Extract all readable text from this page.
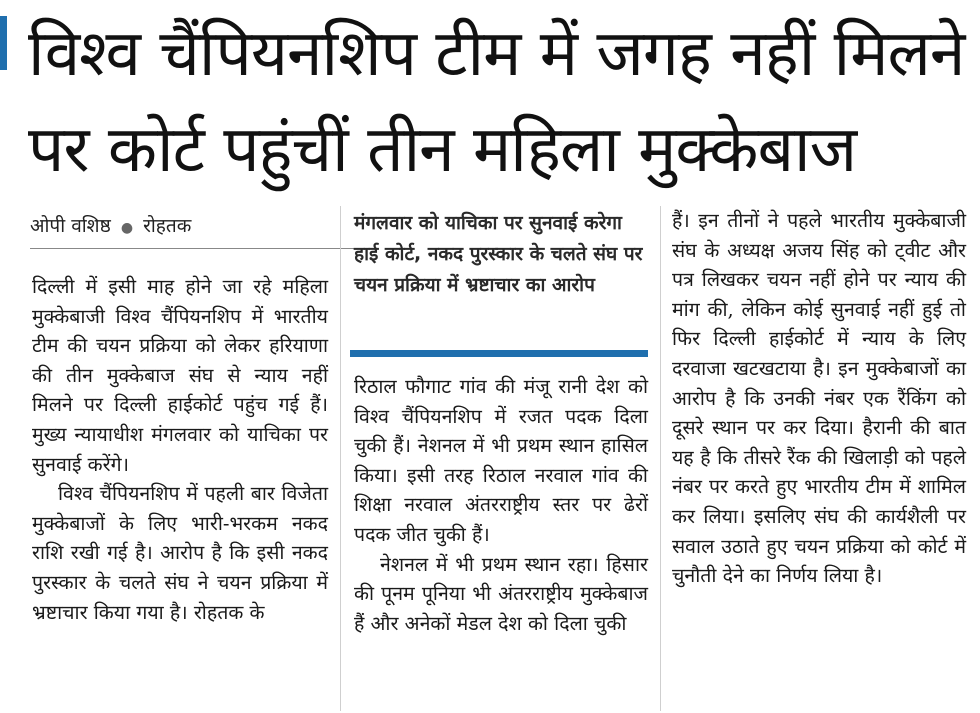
विश्व चैंपियनशिप टीम में जगह नहीं मिलने
पर कोर्ट पहुंचीं तीन महिला मुक्केबाज
ओपी वशिष्ठ ● रोहतक

दिल्ली में इसी माह होने जा रहे महिला मुक्केबाजी विश्व चैंपियनशिप में भारतीय टीम की चयन प्रक्रिया को लेकर हरियाणा की तीन मुक्केबाज संघ से न्याय नहीं मिलने पर दिल्ली हाईकोर्ट पहुंच गई हैं। मुख्य न्यायाधीश मंगलवार को याचिका पर सुनवाई करेंगे।

विश्व चैंपियनशिप में पहली बार विजेता मुक्केबाजों के लिए भारी-भरकम नकद राशि रखी गई है। आरोप है कि इसी नकद पुरस्कार के चलते संघ ने चयन प्रक्रिया में भ्रष्टाचार किया गया है। रोहतक के

मंगलवार को याचिका पर सुनवाई करेगा हाई कोर्ट, नकद पुरस्कार के चलते संघ पर चयन प्रक्रिया में भ्रष्टाचार का आरोप

रिठाल फौगाट गांव की मंजू रानी देश को विश्व चैंपियनशिप में रजत पदक दिला चुकी हैं। नेशनल में भी प्रथम स्थान हासिल किया। इसी तरह रिठाल नरवाल गांव की शिक्षा नरवाल अंतरराष्ट्रीय स्तर पर ढेरों पदक जीत चुकी हैं।

नेशनल में भी प्रथम स्थान रहा। हिसार की पूनम पूनिया भी अंतरराष्ट्रीय मुक्केबाज हैं और अनेकों मेडल देश को दिला चुकी

हैं। इन तीनों ने पहले भारतीय मुक्केबाजी संघ के अध्यक्ष अजय सिंह को ट्वीट और पत्र लिखकर चयन नहीं होने पर न्याय की मांग की, लेकिन कोई सुनवाई नहीं हुई तो फिर दिल्ली हाईकोर्ट में न्याय के लिए दरवाजा खटखटाया है। इन मुक्केबाजों का आरोप है कि उनकी नंबर एक रैंकिंग को दूसरे स्थान पर कर दिया। हैरानी की बात यह है कि तीसरे रैंक की खिलाड़ी को पहले नंबर पर करते हुए भारतीय टीम में शामिल कर लिया। इसलिए संघ की कार्यशैली पर सवाल उठाते हुए चयन प्रक्रिया को कोर्ट में चुनौती देने का निर्णय लिया है।
